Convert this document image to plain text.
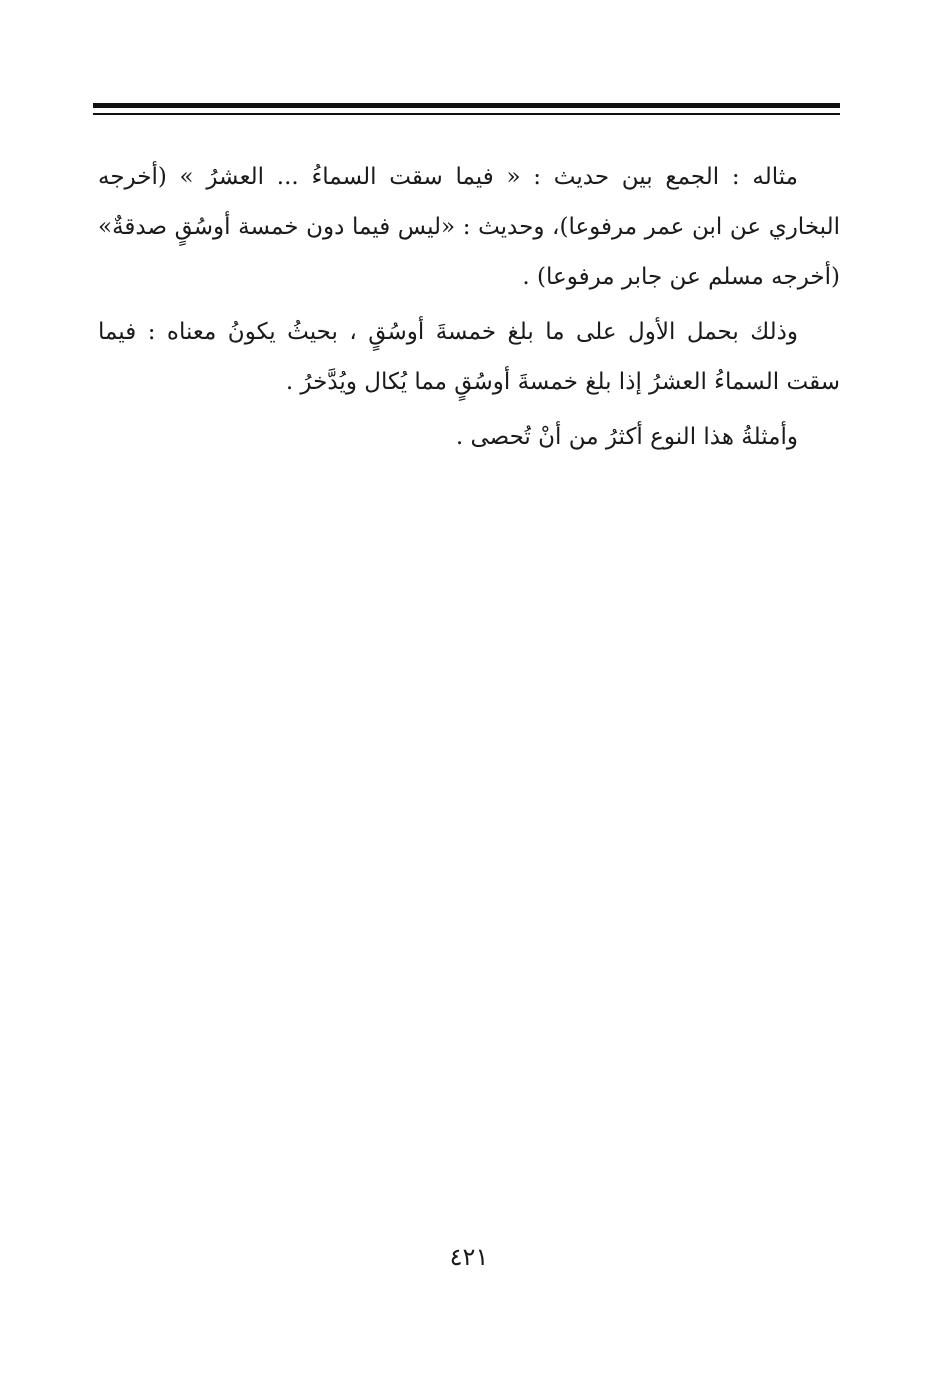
مثاله : الجمع بين حديث : « فيما سقت السماءُ ... العشرُ » (أخرجه
البخاري عن ابن عمر مرفوعا)، وحديث : «ليس فيما دون خمسة أوسُقٍ صدقةٌ»
(أخرجه مسلم عن جابر مرفوعا) .

وذلك بحمل الأول على ما بلغ خمسةَ أوسُقٍ ، بحيثُ يكونُ معناه : فيما
سقت السماءُ العشرُ إذا بلغ خمسةَ أوسُقٍ مما يُكال ويُدَّخرُ .

وأمثلةُ هذا النوع أكثرُ من أنْ تُحصى .

٤٢١
